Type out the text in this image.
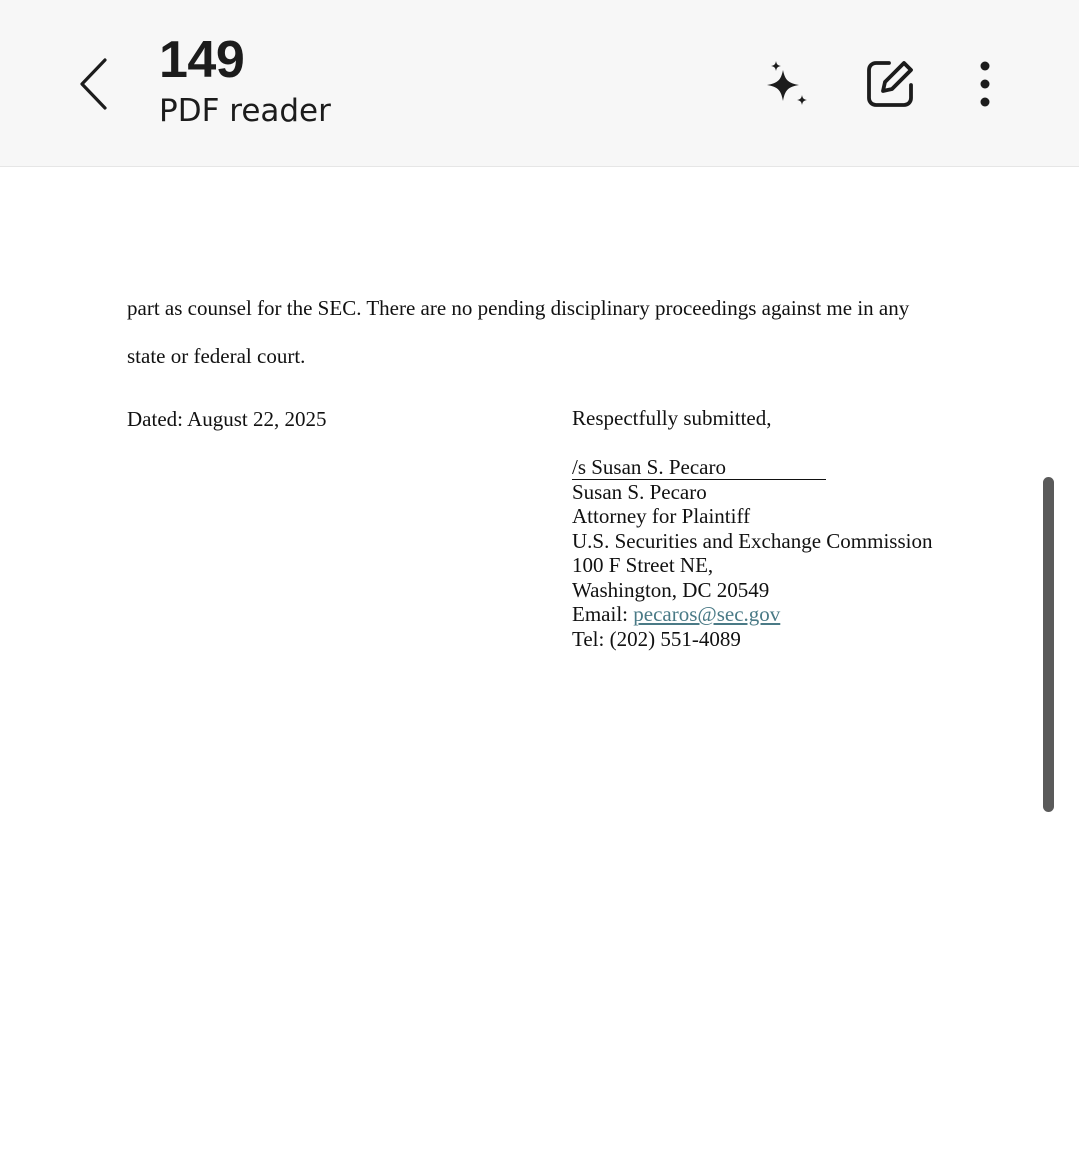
149
PDF reader
part as counsel for the SEC. There are no pending disciplinary proceedings against me in any
state or federal court.
Dated: August 22, 2025	Respectfully submitted,
/s Susan S. Pecaro
Susan S. Pecaro
Attorney for Plaintiff
U.S. Securities and Exchange Commission
100 F Street NE,
Washington, DC 20549
Email: pecaros@sec.gov
Tel: (202) 551-4089
